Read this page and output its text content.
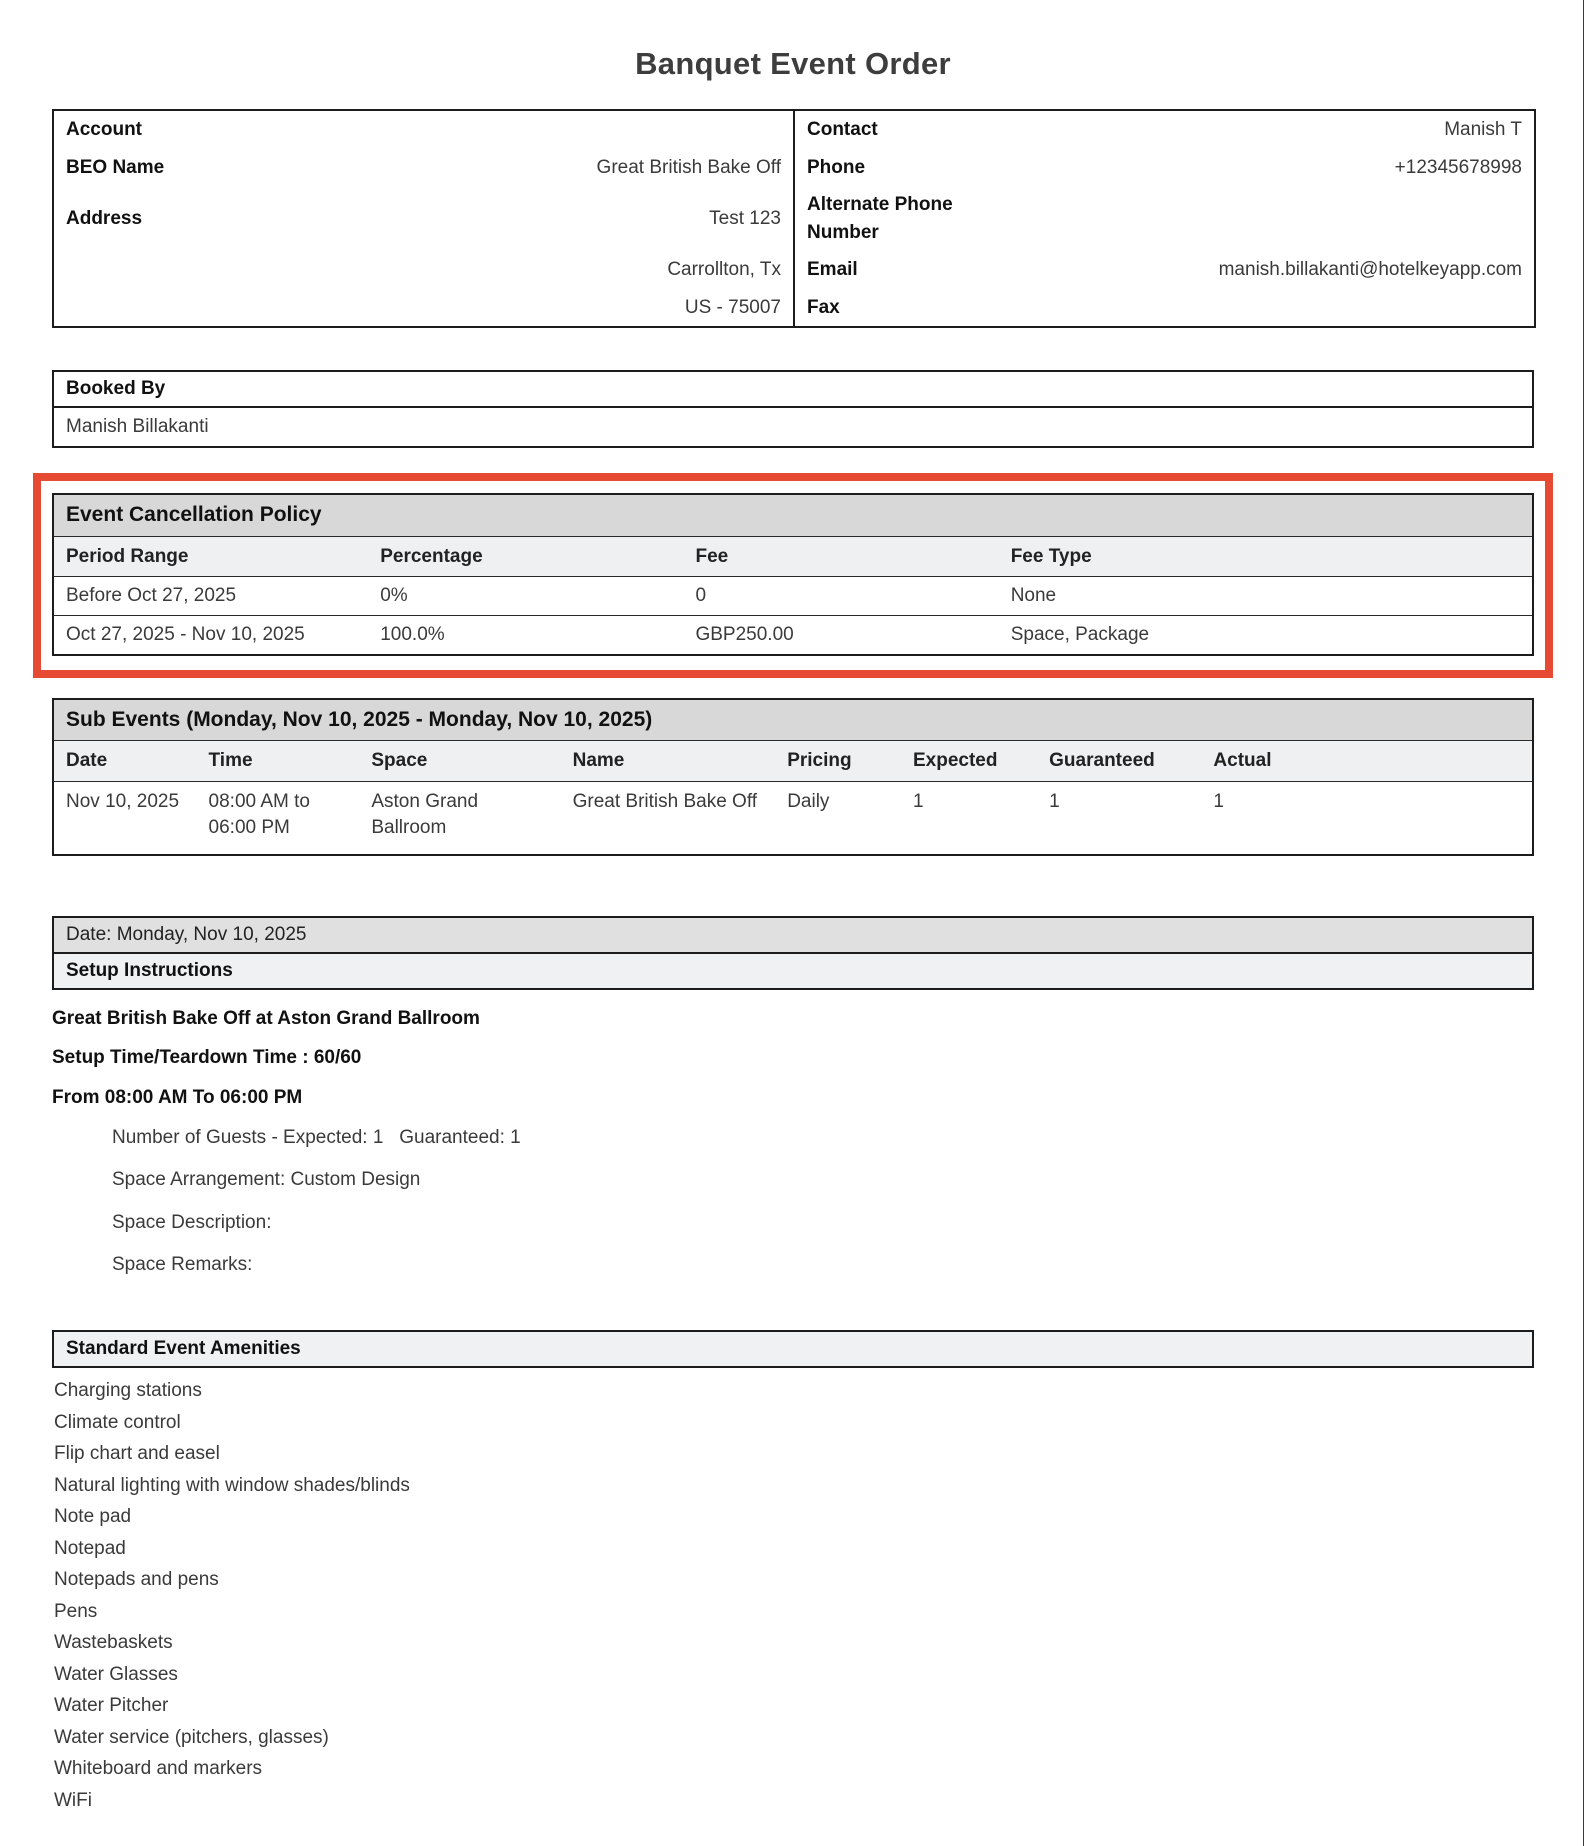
Banquet Event Order
Account		Contact	Manish T
BEO Name	Great British Bake Off	Phone	+12345678998
Address	Test 123	Alternate Phone Number	
	Carrollton, Tx	Email	manish.billakanti@hotelkeyapp.com
	US - 75007	Fax	
Booked By
Manish Billakanti
Event Cancellation Policy			
Period Range	Percentage	Fee	Fee Type
Before Oct 27, 2025	0%	0	None
Oct 27, 2025 - Nov 10, 2025	100.0%	GBP250.00	Space, Package
Sub Events (Monday, Nov 10, 2025 - Monday, Nov 10, 2025)							
Date	Time	Space	Name	Pricing	Expected	Guaranteed	Actual
Nov 10, 2025	08:00 AM to 06:00 PM	Aston Grand Ballroom	Great British Bake Off	Daily	1	1	1
Date: Monday, Nov 10, 2025
Setup Instructions

Great British Bake Off at Aston Grand Ballroom

Setup Time/Teardown Time : 60/60

From 08:00 AM To 06:00 PM

Number of Guests - Expected: 1   Guaranteed: 1

Space Arrangement: Custom Design

Space Description:

Space Remarks:

Standard Event Amenities
Charging stations
Climate control
Flip chart and easel
Natural lighting with window shades/blinds
Note pad
Notepad
Notepads and pens
Pens
Wastebaskets
Water Glasses
Water Pitcher
Water service (pitchers, glasses)
Whiteboard and markers
WiFi
